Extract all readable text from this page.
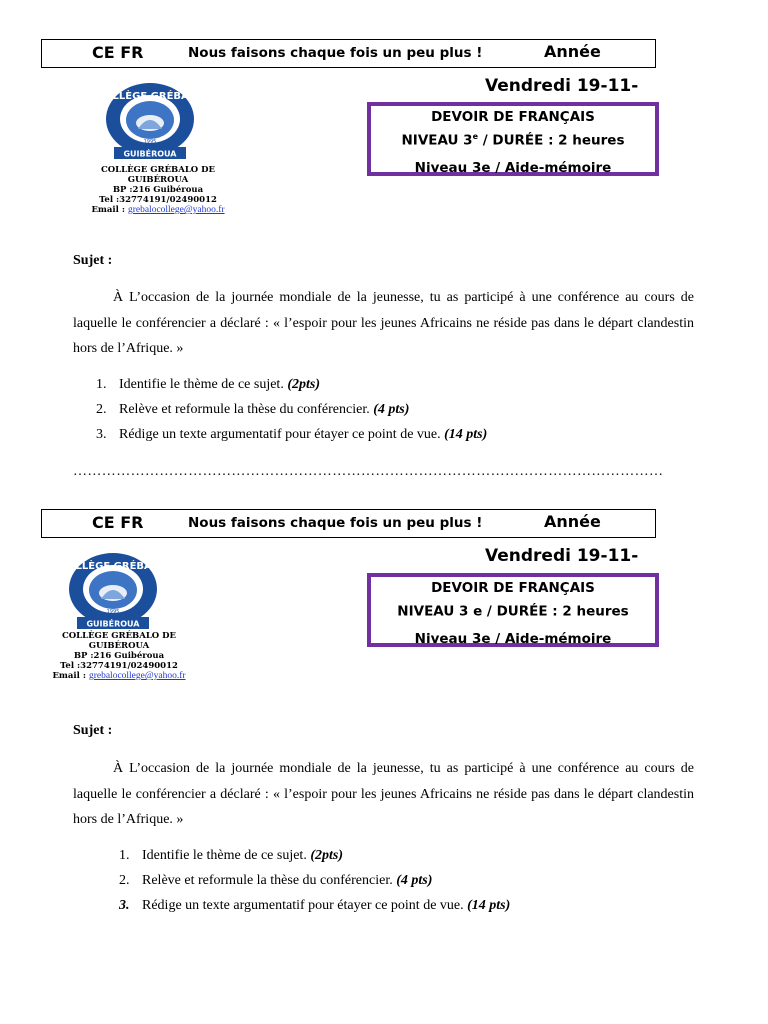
CE FR	Nous faisons chaque fois un peu plus !	Année
Vendredi 19-11-
DEVOIR DE FRANÇAIS
NIVEAU 3e / DURÉE : 2 heures
Niveau 3e / Aide-mémoire
COLLÈGE GRÉBALO
1995
GUIBÉROUA
COLLÈGE GRÉBALO DE GUIBÉROUA
BP :216 Guibéroua
Tel :32774191/02490012
Email : grebalocollege@yahoo.fr
Sujet :
À L’occasion de la journée mondiale de la jeunesse, tu as participé à une conférence au cours de laquelle le conférencier a déclaré : « l’espoir pour les jeunes Africains ne réside pas dans le départ clandestin hors de l’Afrique. »
1. Identifie le thème de ce sujet. (2pts)
2. Relève et reformule la thèse du conférencier. (4 pts)
3. Rédige un texte argumentatif pour étayer ce point de vue. (14 pts)
……………………………………………………………………………………………………………
CE FR	Nous faisons chaque fois un peu plus !	Année
Vendredi 19-11-
DEVOIR DE FRANÇAIS
NIVEAU 3 e / DURÉE : 2 heures
Niveau 3e / Aide-mémoire
COLLÈGE GRÉBALO
1995
GUIBÉROUA
COLLÈGE GRÉBALO DE GUIBÉROUA
BP :216 Guibéroua
Tel :32774191/02490012
Email : grebalocollege@yahoo.fr
Sujet :
À L’occasion de la journée mondiale de la jeunesse, tu as participé à une conférence au cours de laquelle le conférencier a déclaré : « l’espoir pour les jeunes Africains ne réside pas dans le départ clandestin hors de l’Afrique. »
1. Identifie le thème de ce sujet. (2pts)
2. Relève et reformule la thèse du conférencier. (4 pts)
3. Rédige un texte argumentatif pour étayer ce point de vue. (14 pts)
